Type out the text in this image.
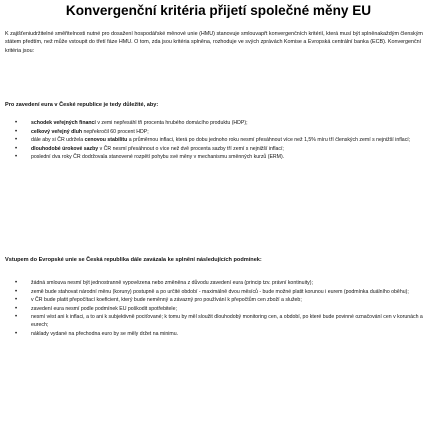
Konvergenční kritéria přijetí společné měny EU
K zajišťeniudržitelné směřitelnosti nutné pro dosažení hospodářské měnové unie (HMU) stanovuje smlouvapřt konvergenčních kritérií, která musí být splněnakaždým členským státem předtím, než může vstoupit do třetí fáze HMU. O tom, zda jsou kritéria splněna, rozhoduje ve svých zprávách Komise a Evropská centrální banka (ECB). Konvergenční kritéria jsou:
Pro zavedení eura v České republice je tedy důležité, aby:
•	schodek veřejných financí v zemi nepřesáhl tři procenta hrubého domácího produktu (HDP);
•	celkový veřejný dluh nepřekročil 60 procent HDP;
•	dále aby si ČR udržela cenovou stabilitu a průměrnou inflaci, která po dobu jednoho roku nesmí přesáhnout více než 1,5% míru tří členských zemí s nejnižší inflací;
•	dlouhodobé úrokové sazby v ČR nesmí přesáhnout o více než dvě procenta sazby tří zemí s nejnižší inflací;
•	poslední dva roky ČR dodržovala stanovené rozpětí pohybu své měny v mechanismu směnných kurzů (ERM).
Vstupem do Evropské unie se Česká republika dále zavázala ke splnění následujících podmínek:
•	žádná smlouva nesmí být jednostranně vypovězena nebo změněna z důvodu zavedení eura (princip tzv. právní kontinuity);
•	země bude stahovat národní měnu (koruny) postupně a po určité období - maximálně dvou měsíců - bude možné platit korunou i eurem (podmínka duálního oběhu);
•	v ČR bude platit přepočítací koeficient, který bude neměnný a závazný pro používání k přepočtům cen zboží a služeb;
•	zavedení eura nesmí podle podmínek EU poškodit spotřebitele;
•	nesmí vést ani k inflaci, a to ani k subjektivně pociťované; k tomu by měl sloužit dlouhodobý monitoring cen, a období, po které bude povinné označování cen v korunách a eurech;
•	náklady vydané na přechodna euro by se měly držet na minimu.
